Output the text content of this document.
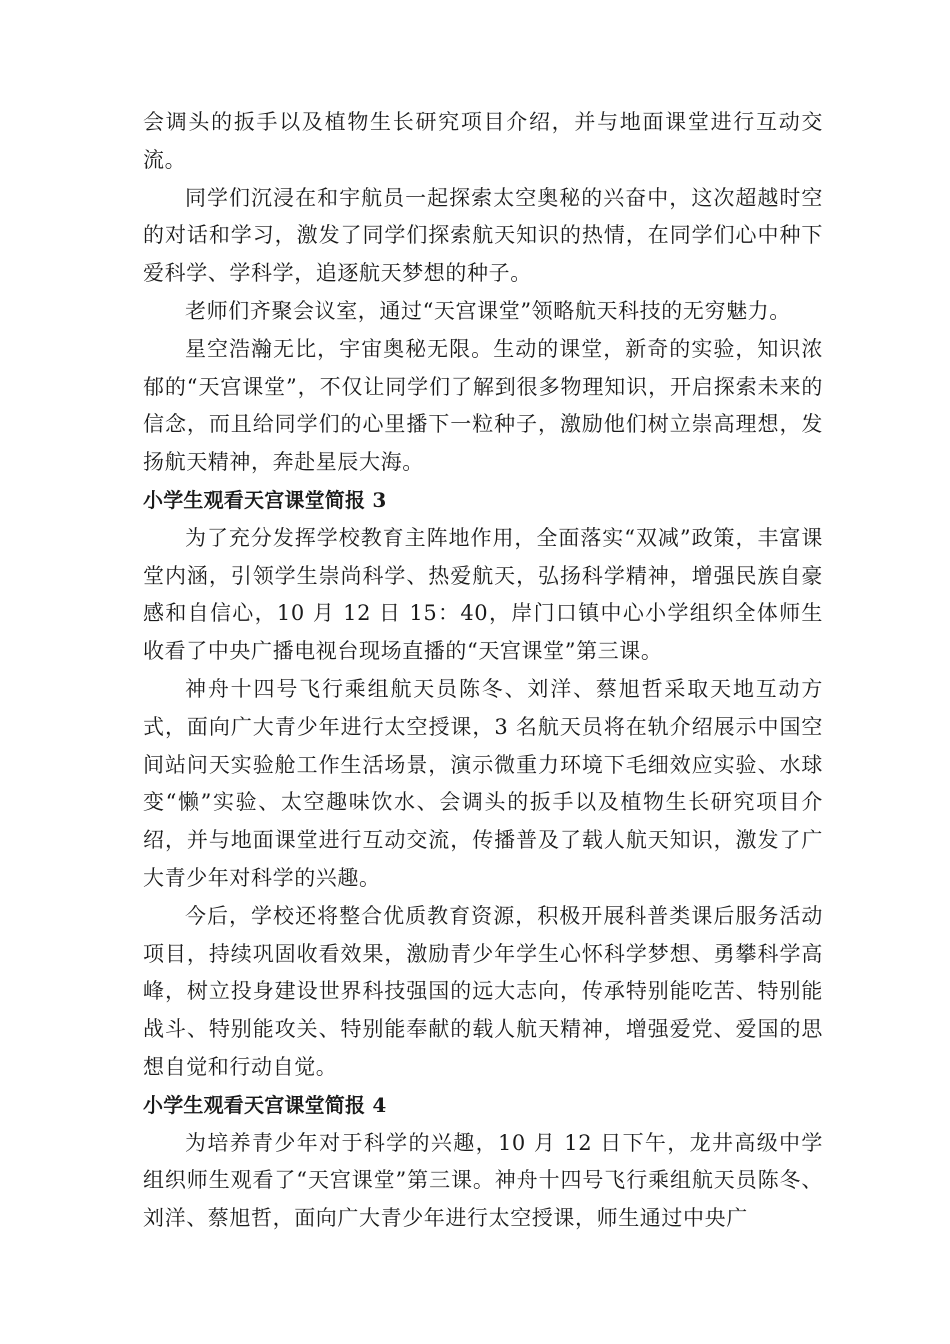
会调头的扳手以及植物生长研究项目介绍，并与地面课堂进行互动交流。

同学们沉浸在和宇航员一起探索太空奥秘的兴奋中，这次超越时空的对话和学习，激发了同学们探索航天知识的热情，在同学们心中种下爱科学、学科学，追逐航天梦想的种子。

老师们齐聚会议室，通过“天宫课堂”领略航天科技的无穷魅力。

星空浩瀚无比，宇宙奥秘无限。生动的课堂，新奇的实验，知识浓郁的“天宫课堂”，不仅让同学们了解到很多物理知识，开启探索未来的信念，而且给同学们的心里播下一粒种子，激励他们树立崇高理想，发扬航天精神，奔赴星辰大海。

小学生观看天宫课堂简报 3

为了充分发挥学校教育主阵地作用，全面落实“双减”政策，丰富课堂内涵，引领学生崇尚科学、热爱航天，弘扬科学精神，增强民族自豪感和自信心，10 月 12 日 15：40，岸门口镇中心小学组织全体师生收看了中央广播电视台现场直播的“天宫课堂”第三课。

神舟十四号飞行乘组航天员陈冬、刘洋、蔡旭哲采取天地互动方式，面向广大青少年进行太空授课，3 名航天员将在轨介绍展示中国空间站问天实验舱工作生活场景，演示微重力环境下毛细效应实验、水球变“懒”实验、太空趣味饮水、会调头的扳手以及植物生长研究项目介绍，并与地面课堂进行互动交流，传播普及了载人航天知识，激发了广大青少年对科学的兴趣。

今后，学校还将整合优质教育资源，积极开展科普类课后服务活动项目，持续巩固收看效果，激励青少年学生心怀科学梦想、勇攀科学高峰，树立投身建设世界科技强国的远大志向，传承特别能吃苦、特别能战斗、特别能攻关、特别能奉献的载人航天精神，增强爱党、爱国的思想自觉和行动自觉。

小学生观看天宫课堂简报 4

为培养青少年对于科学的兴趣，10 月 12 日下午，龙井高级中学组织师生观看了“天宫课堂”第三课。神舟十四号飞行乘组航天员陈冬、刘洋、蔡旭哲，面向广大青少年进行太空授课，师生通过中央广
